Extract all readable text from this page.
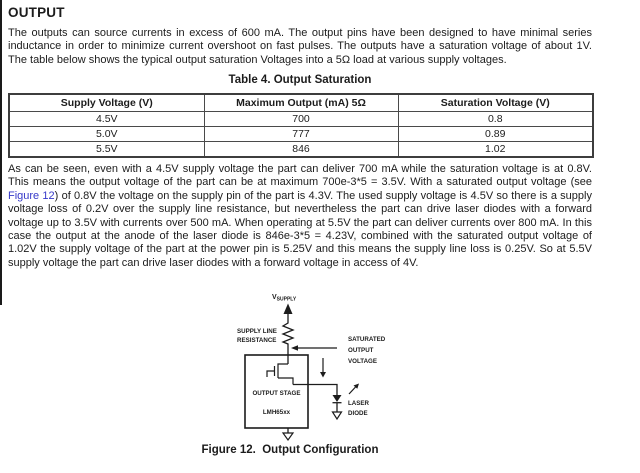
OUTPUT
The outputs can source currents in excess of 600 mA. The output pins have been designed to have minimal series inductance in order to minimize current overshoot on fast pulses. The outputs have a saturation voltage of about 1V. The table below shows the typical output saturation Voltages into a 5Ω load at various supply voltages.
Table 4. Output Saturation
Supply Voltage (V)	Maximum Output (mA) 5Ω	Saturation Voltage (V)
4.5V	700	0.8
5.0V	777	0.89
5.5V	846	1.02
As can be seen, even with a 4.5V supply voltage the part can deliver 700 mA while the saturation voltage is at 0.8V. This means the output voltage of the part can be at maximum 700e-3*5 = 3.5V. With a saturated output voltage (see Figure 12) of 0.8V the voltage on the supply pin of the part is 4.3V. The used supply voltage is 4.5V so there is a supply voltage loss of 0.2V over the supply line resistance, but nevertheless the part can drive laser diodes with a forward voltage up to 3.5V with currents over 500 mA. When operating at 5.5V the part can deliver currents over 800 mA. In this case the output at the anode of the laser diode is 846e-3*5 = 4.23V, combined with the saturated output voltage of 1.02V the supply voltage of the part at the power pin is 5.25V and this means the supply line loss is 0.25V. So at 5.5V supply voltage the part can drive laser diodes with a forward voltage in access of 4V.
$V_{SUPPLY}$
SUPPLY LINE
RESISTANCE	SATURATED
OUTPUT
VOLTAGE
LASER
DIODE
OUTPUT STAGE
LMH65xx
Figure 12.  Output Configuration
